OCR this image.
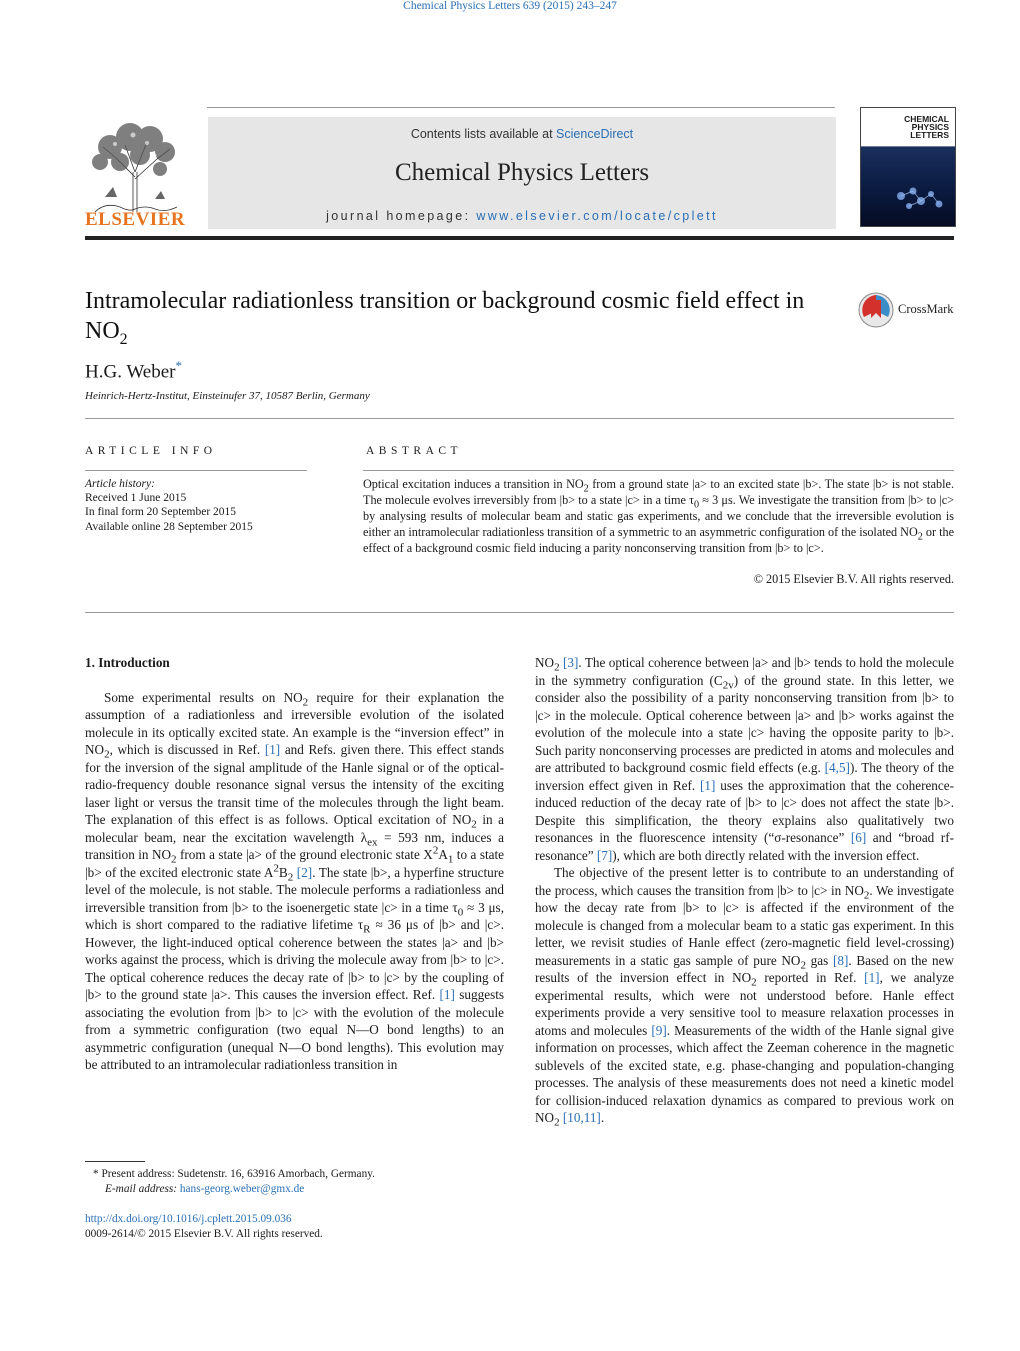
Chemical Physics Letters 639 (2015) 243–247
ELSEVIER
Contents lists available at ScienceDirect
Chemical Physics Letters
journal homepage: www.elsevier.com/locate/cplett
CHEMICAL
PHYSICS
LETTERS
Intramolecular radiationless transition or background cosmic field effect in $NO_2$
CrossMark
H.G. Weber*
Heinrich-Hertz-Institut, Einsteinufer 37, 10587 Berlin, Germany
ARTICLE INFO
Article history:
Received 1 June 2015
In final form 20 September 2015
Available online 28 September 2015
ABSTRACT
Optical excitation induces a transition in $NO_2$ from a ground state |a> to an excited state |b>. The state |b> is not stable. The molecule evolves irreversibly from |b> to a state |c> in a time $\tau_0 \approx 3$ μs. We investigate the transition from |b> to |c> by analysing results of molecular beam and static gas experiments, and we conclude that the irreversible evolution is either an intramolecular radiationless transition of a symmetric to an asymmetric configuration of the isolated $NO_2$ or the effect of a background cosmic field inducing a parity nonconserving transition from |b> to |c>.
© 2015 Elsevier B.V. All rights reserved.
1. Introduction

Some experimental results on $NO_2$ require for their explanation the assumption of a radiationless and irreversible evolution of the isolated molecule in its optically excited state. An example is the “inversion effect” in $NO_2$, which is discussed in Ref. [1] and Refs. given there. This effect stands for the inversion of the signal amplitude of the Hanle signal or of the optical-radio-frequency double resonance signal versus the intensity of the exciting laser light or versus the transit time of the molecules through the light beam. The explanation of this effect is as follows. Optical excitation of $NO_2$ in a molecular beam, near the excitation wavelength $\lambda_{ex} = 593$ nm, induces a transition in $NO_2$ from a state |a> of the ground electronic state $X^2A_1$ to a state |b> of the excited electronic state $A^2B_2$ [2]. The state |b>, a hyperfine structure level of the molecule, is not stable. The molecule performs a radiationless and irreversible transition from |b> to the isoenergetic state |c> in a time $\tau_0 \approx 3$ μs, which is short compared to the radiative lifetime $\tau_R \approx 36$ μs of |b> and |c>. However, the light-induced optical coherence between the states |a> and |b> works against the process, which is driving the molecule away from |b> to |c>. The optical coherence reduces the decay rate of |b> to |c> by the coupling of |b> to the ground state |a>. This causes the inversion effect. Ref. [1] suggests associating the evolution from |b> to |c> with the evolution of the molecule from a symmetric configuration (two equal N—O bond lengths) to an asymmetric configuration (unequal N—O bond lengths). This evolution may be attributed to an intramolecular radiationless transition in

$NO_2$ [3]. The optical coherence between |a> and |b> tends to hold the molecule in the symmetry configuration $(C_{2v})$ of the ground state. In this letter, we consider also the possibility of a parity nonconserving transition from |b> to |c> in the molecule. Optical coherence between |a> and |b> works against the evolution of the molecule into a state |c> having the opposite parity to |b>. Such parity nonconserving processes are predicted in atoms and molecules and are attributed to background cosmic field effects (e.g. [4,5]). The theory of the inversion effect given in Ref. [1] uses the approximation that the coherence-induced reduction of the decay rate of |b> to |c> does not affect the state |b>. Despite this simplification, the theory explains also qualitatively two resonances in the fluorescence intensity (“σ-resonance” [6] and “broad rf-resonance” [7]), which are both directly related with the inversion effect.

The objective of the present letter is to contribute to an understanding of the process, which causes the transition from |b> to |c> in $NO_2$. We investigate how the decay rate from |b> to |c> is affected if the environment of the molecule is changed from a molecular beam to a static gas experiment. In this letter, we revisit studies of Hanle effect (zero-magnetic field level-crossing) measurements in a static gas sample of pure $NO_2$ gas [8]. Based on the new results of the inversion effect in $NO_2$ reported in Ref. [1], we analyze experimental results, which were not understood before. Hanle effect experiments provide a very sensitive tool to measure relaxation processes in atoms and molecules [9]. Measurements of the width of the Hanle signal give information on processes, which affect the Zeeman coherence in the magnetic sublevels of the excited state, e.g. phase-changing and population-changing processes. The analysis of these measurements does not need a kinetic model for collision-induced relaxation dynamics as compared to previous work on $NO_2$ [10,11].

* Present address: Sudetenstr. 16, 63916 Amorbach, Germany.
E-mail address: hans-georg.weber@gmx.de
http://dx.doi.org/10.1016/j.cplett.2015.09.036
0009-2614/© 2015 Elsevier B.V. All rights reserved.
